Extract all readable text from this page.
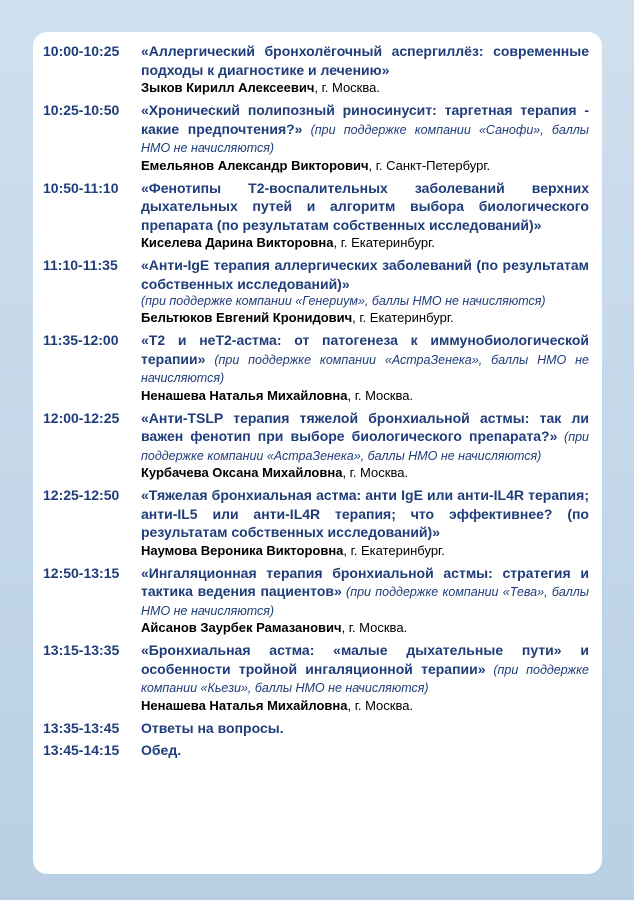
10:00-10:25	«Аллергический бронхолёгочный аспергиллёз: современные подходы к диагностике и лечению»
Зыков Кирилл Алексеевич, г. Москва.
10:25-10:50	«Хронический полипозный риносинусит: таргетная терапия - какие предпочтения?» (при поддержке компании «Санофи», баллы НМО не начисляются)
Емельянов Александр Викторович, г. Санкт-Петербург.
10:50-11:10	«Фенотипы Т2-воспалительных заболеваний верхних дыхательных путей и алгоритм выбора биологического препарата (по результатам собственных исследований)»
Киселева Дарина Викторовна, г. Екатеринбург.
11:10-11:35	«Анти-IgE терапия аллергических заболеваний (по результатам собственных исследований)»
(при поддержке компании «Генериум», баллы НМО не начисляются)
Бельтюков Евгений Кронидович, г. Екатеринбург.
11:35-12:00	«Т2 и неТ2-астма: от патогенеза к иммунобиологической терапии» (при поддержке компании «АстраЗенека», баллы НМО не начисляются)
Ненашева Наталья Михайловна, г. Москва.
12:00-12:25	«Анти-TSLP терапия тяжелой бронхиальной астмы: так ли важен фенотип при выборе биологического препарата?» (при поддержке компании «АстраЗенека», баллы НМО не начисляются)
Курбачева Оксана Михайловна, г. Москва.
12:25-12:50	«Тяжелая бронхиальная астма: анти IgE или анти-IL4R терапия; анти-IL5 или анти-IL4R терапия; что эффективнее? (по результатам собственных исследований)»
Наумова Вероника Викторовна, г. Екатеринбург.
12:50-13:15	«Ингаляционная терапия бронхиальной астмы: стратегия и тактика ведения пациентов» (при поддержке компании «Тева», баллы НМО не начисляются)
Айсанов Заурбек Рамазанович, г. Москва.
13:15-13:35	«Бронхиальная астма: «малые дыхательные пути» и особенности тройной ингаляционной терапии» (при поддержке компании «Кьези», баллы НМО не начисляются)
Ненашева Наталья Михайловна, г. Москва.
13:35-13:45	Ответы на вопросы.
13:45-14:15	Обед.
